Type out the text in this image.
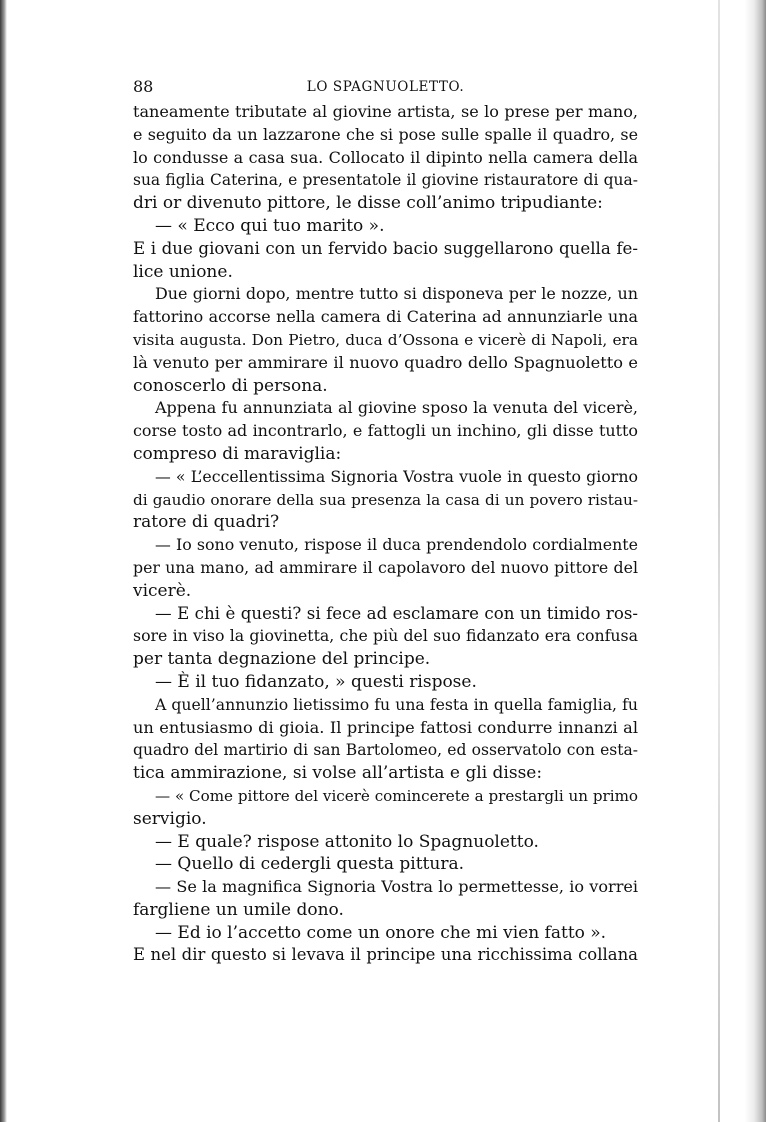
88	LO SPAGNUOLETTO.
taneamente tributate al giovine artista, se lo prese per mano,
e seguito da un lazzarone che si pose sulle spalle il quadro, se
lo condusse a casa sua. Collocato il dipinto nella camera della
sua figlia Caterina, e presentatole il giovine ristauratore di qua-
dri or divenuto pittore, le disse coll’animo tripudiante:
— « Ecco qui tuo marito ».
E i due giovani con un fervido bacio suggellarono quella fe-
lice unione.
Due giorni dopo, mentre tutto si disponeva per le nozze, un
fattorino accorse nella camera di Caterina ad annunziarle una
visita augusta. Don Pietro, duca d’Ossona e vicerè di Napoli, era
là venuto per ammirare il nuovo quadro dello Spagnuoletto e
conoscerlo di persona.
Appena fu annunziata al giovine sposo la venuta del vicerè,
corse tosto ad incontrarlo, e fattogli un inchino, gli disse tutto
compreso di maraviglia:
— « L’eccellentissima Signoria Vostra vuole in questo giorno
di gaudio onorare della sua presenza la casa di un povero ristau-
ratore di quadri?
— Io sono venuto, rispose il duca prendendolo cordialmente
per una mano, ad ammirare il capolavoro del nuovo pittore del
vicerè.
— E chi è questi? si fece ad esclamare con un timido ros-
sore in viso la giovinetta, che più del suo fidanzato era confusa
per tanta degnazione del principe.
— È il tuo fidanzato, » questi rispose.
A quell’annunzio lietissimo fu una festa in quella famiglia, fu
un entusiasmo di gioia. Il principe fattosi condurre innanzi al
quadro del martirio di san Bartolomeo, ed osservatolo con esta-
tica ammirazione, si volse all’artista e gli disse:
— « Come pittore del vicerè comincerete a prestargli un primo
servigio.
— E quale? rispose attonito lo Spagnuoletto.
— Quello di cedergli questa pittura.
— Se la magnifica Signoria Vostra lo permettesse, io vorrei
fargliene un umile dono.
— Ed io l’accetto come un onore che mi vien fatto ».
E nel dir questo si levava il principe una ricchissima collana
